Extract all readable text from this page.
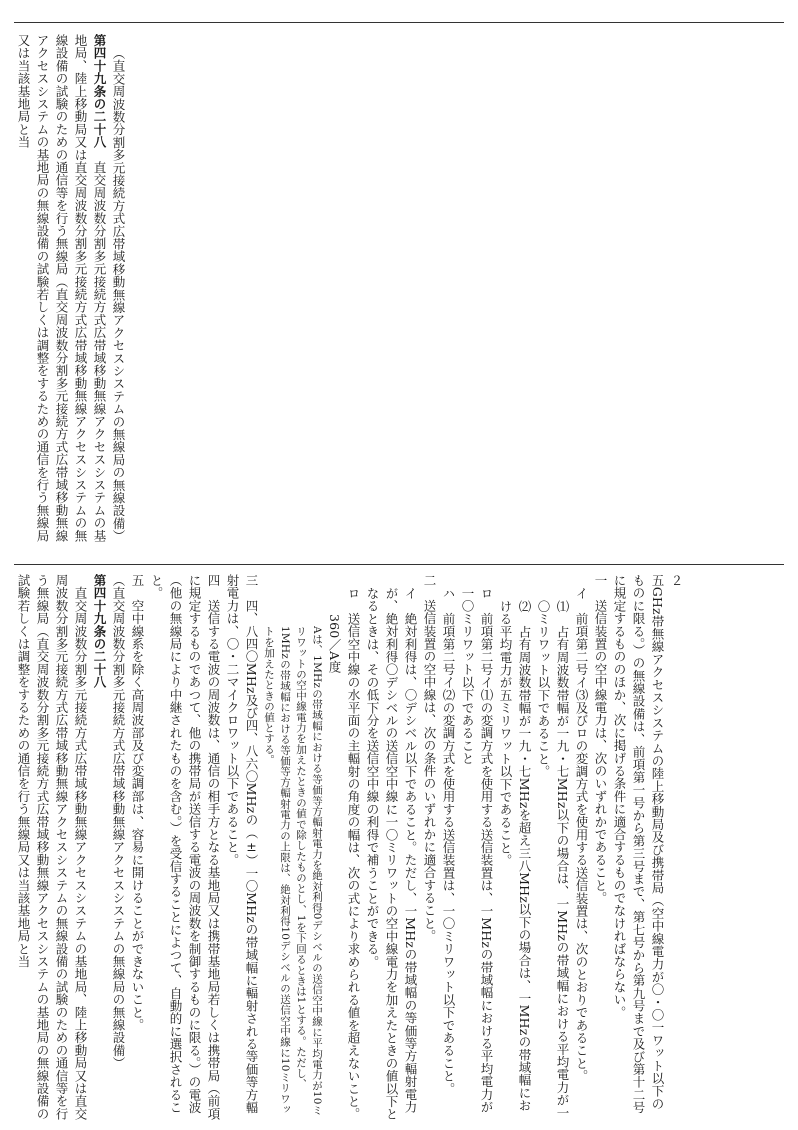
（直交周波数分割多元接続方式広帯域移動無線アクセスシステムの無線局の無線設備）

第四十九条の二十八　直交周波数分割多元接続方式広帯域移動無線アクセスシステムの基地局、陸上移動局又は直交周波数分割多元接続方式広帯域移動無線アクセスシステムの無線設備の試験のための通信等を行う無線局（直交周波数分割多元接続方式広帯域移動無線アクセスシステムの基地局の無線設備の試験若しくは調整をするための通信を行う無線局又は当該基地局と当

２

五GHz帯無線アクセスシステムの陸上移動局及び携帯局（空中線電力が〇・〇一ワット以下のものに限る。）の無線設備は、前項第一号から第三号まで、第七号から第九号まで及び第十二号に規定するもののほか、次に掲げる条件に適合するものでなければならない。

一　送信装置の空中線電力は、次のいずれかであること。

イ　前項第二号イ⑶及びロの変調方式を使用する送信装置は、次のとおりであること。

⑴　占有周波数帯幅が一九・七MHz以下の場合は、一MHzの帯域幅における平均電力が一〇ミリワット以下であること。

⑵　占有周波数帯幅が一九・七MHzを超え三八MHz以下の場合は、一MHzの帯域幅における平均電力が五ミリワット以下であること。

ロ　前項第二号イ⑴の変調方式を使用する送信装置は、一MHzの帯域幅における平均電力が一〇ミリワット以下であること

ハ　前項第二号イ⑵の変調方式を使用する送信装置は、一〇ミリワット以下であること。

二　送信装置の空中線は、次の条件のいずれかに適合すること。

イ　絶対利得は、〇デシベル以下であること。ただし、一MHzの帯域幅の等価等方輻射電力が、絶対利得〇デシベルの送信空中線に一〇ミリワットの空中線電力を加えたときの値以下となるときは、その低下分を送信空中線の利得で補うことができる。

ロ　送信空中線の水平面の主輻射の角度の幅は、次の式により求められる値を超えないこと。

360／A度

Aは、1MHzの帯域幅における等価等方輻射電力を絶対利得0デシベルの送信空中線に平均電力が10ミリワットの空中線電力を加えたときの値で除したものとし、1を下回るときは1とする。ただし、1MHzの帯域幅における等価等方輻射電力の上限は、絶対利得10デシベルの送信空中線に10ミリワットを加えたときの値とする。

三　四、八四〇MHz及び四、八六〇MHzの（±）一〇MHzの帯域幅に輻射される等価等方輻射電力は、〇・二マイクロワット以下であること。

四　送信する電波の周波数は、通信の相手方となる基地局又は携帯基地局若しくは携帯局（前項に規定するものであつて、他の携帯局が送信する電波の周波数を制御するものに限る。）の電波（他の無線局により中継されたものを含む。）を受信することによつて、自動的に選択されること。

五　空中線系を除く高周波部及び変調部は、容易に開けることができないこと。

（直交周波数分割多元接続方式広帯域移動無線アクセスシステムの無線局の無線設備）

第四十九条の二十八

　直交周波数分割多元接続方式広帯域移動無線アクセスシステムの基地局、陸上移動局又は直交周波数分割多元接続方式広帯域移動無線アクセスシステムの無線設備の試験のための通信等を行う無線局（直交周波数分割多元接続方式広帯域移動無線アクセスシステムの基地局の無線設備の試験若しくは調整をするための通信を行う無線局又は当該基地局と当
